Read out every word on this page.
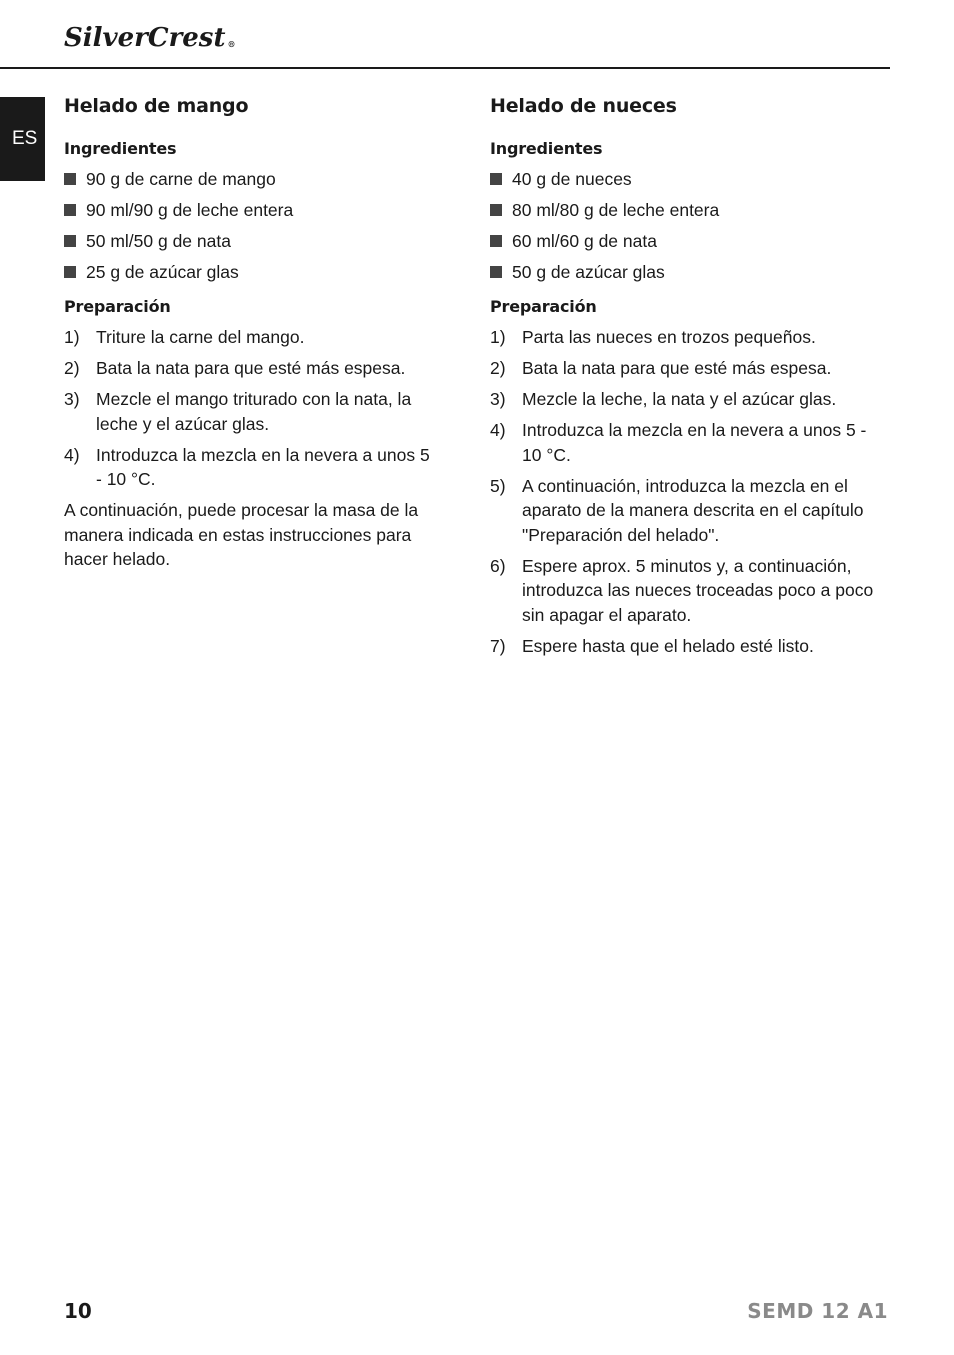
SilverCrest ®
ES
Helado de mango
Ingredientes
90 g de carne de mango
90 ml/90 g de leche entera
50 ml/50 g de nata
25 g de azúcar glas
Preparación
1) Triture la carne del mango.
2) Bata la nata para que esté más espesa.
3) Mezcle el mango triturado con la nata, la leche y el azúcar glas.
4) Introduzca la mezcla en la nevera a unos 5 - 10 °C.

A continuación, puede procesar la masa de la manera indicada en estas instrucciones para hacer helado.

Helado de nueces
Ingredientes
40 g de nueces
80 ml/80 g de leche entera
60 ml/60 g de nata
50 g de azúcar glas
Preparación
1) Parta las nueces en trozos pequeños.
2) Bata la nata para que esté más espesa.
3) Mezcle la leche, la nata y el azúcar glas.
4) Introduzca la mezcla en la nevera a unos 5 - 10 °C.
5) A continuación, introduzca la mezcla en el aparato de la manera descrita en el capítulo "Preparación del helado".
6) Espere aprox. 5 minutos y, a continuación, introduzca las nueces troceadas poco a poco sin apagar el aparato.
7) Espere hasta que el helado esté listo.
10	SEMD 12 A1
